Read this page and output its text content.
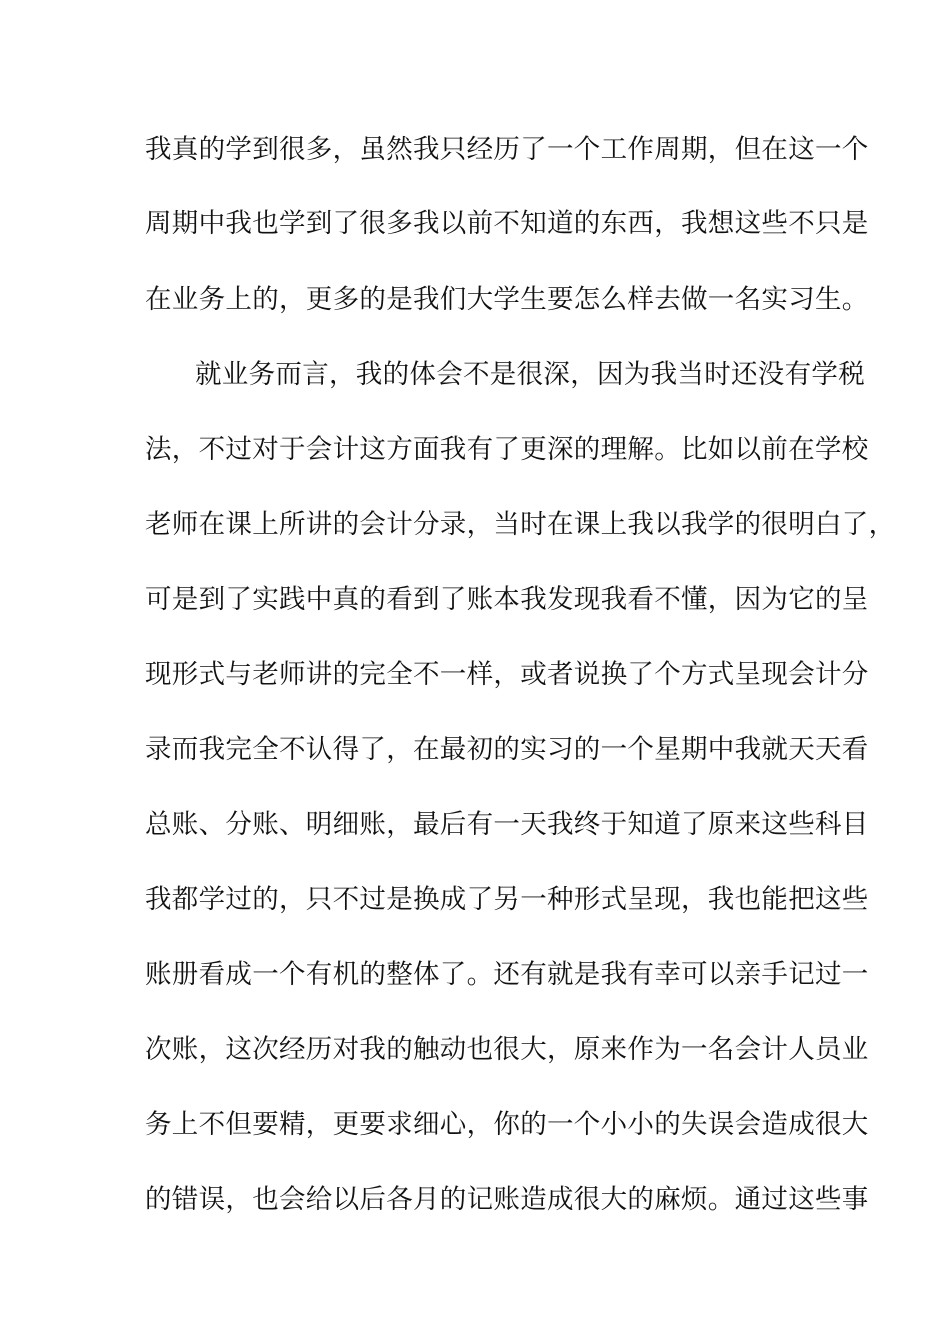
我真的学到很多，虽然我只经历了一个工作周期，但在这一个
周期中我也学到了很多我以前不知道的东西，我想这些不只是
在业务上的，更多的是我们大学生要怎么样去做一名实习生。
就业务而言，我的体会不是很深，因为我当时还没有学税
法，不过对于会计这方面我有了更深的理解。比如以前在学校
老师在课上所讲的会计分录，当时在课上我以我学的很明白了，
可是到了实践中真的看到了账本我发现我看不懂，因为它的呈
现形式与老师讲的完全不一样，或者说换了个方式呈现会计分
录而我完全不认得了，在最初的实习的一个星期中我就天天看
总账、分账、明细账，最后有一天我终于知道了原来这些科目
我都学过的，只不过是换成了另一种形式呈现，我也能把这些
账册看成一个有机的整体了。还有就是我有幸可以亲手记过一
次账，这次经历对我的触动也很大，原来作为一名会计人员业
务上不但要精，更要求细心，你的一个小小的失误会造成很大
的错误，也会给以后各月的记账造成很大的麻烦。通过这些事
